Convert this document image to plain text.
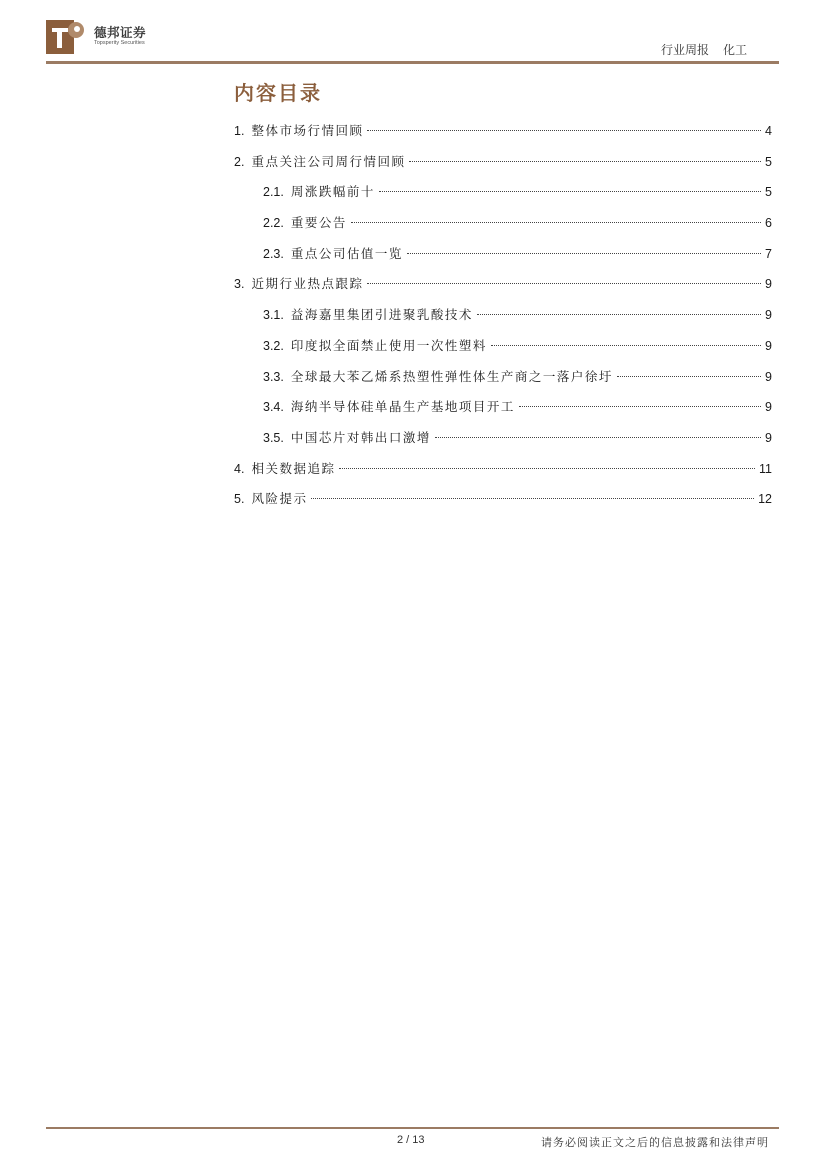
德邦证券
Topsperity Securities	行业周报 化工
内容目录
1. 整体市场行情回顾	4
2. 重点关注公司周行情回顾	5
2.1. 周涨跌幅前十	5
2.2. 重要公告	6
2.3. 重点公司估值一览	7
3. 近期行业热点跟踪	9
3.1. 益海嘉里集团引进聚乳酸技术	9
3.2. 印度拟全面禁止使用一次性塑料	9
3.3. 全球最大苯乙烯系热塑性弹性体生产商之一落户徐圩	9
3.4. 海纳半导体硅单晶生产基地项目开工	9
3.5. 中国芯片对韩出口激增	9
4. 相关数据追踪	11
5. 风险提示	12
2 / 13	请务必阅读正文之后的信息披露和法律声明
